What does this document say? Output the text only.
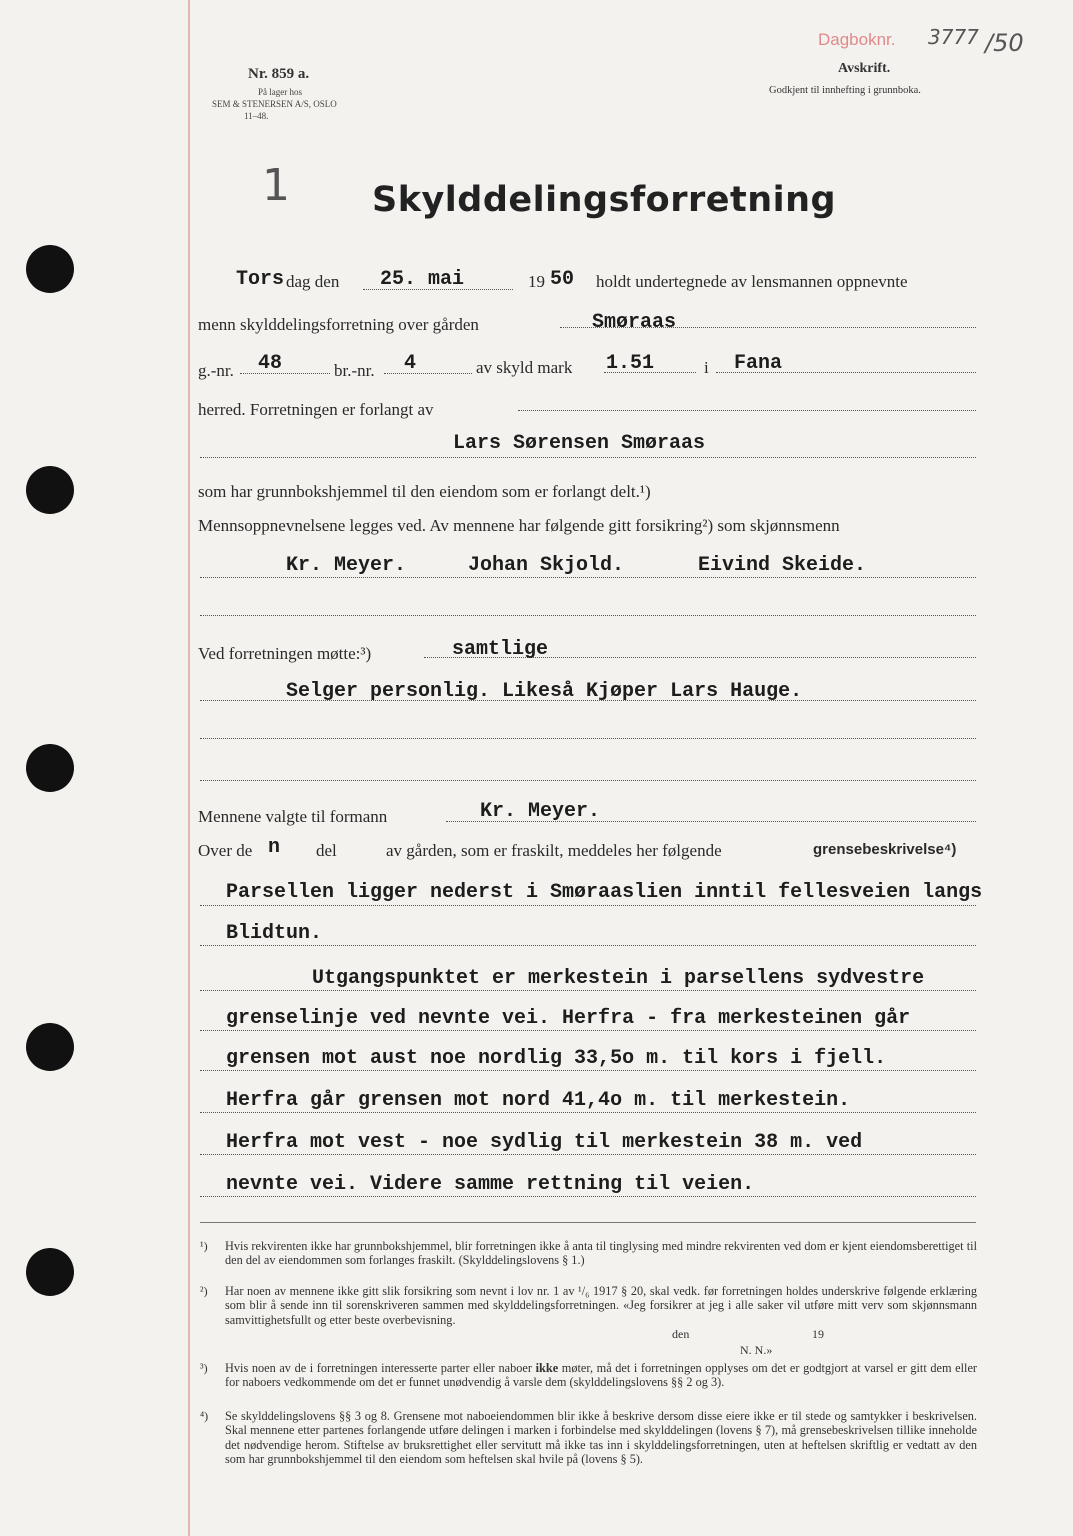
Nr. 859 a.
På lager hos
SEM & STENERSEN A/S, OSLO
11–48.
Avskrift.
Godkjent til innhefting i grunnboka.
Dagboknr. 3777 /50
1 Skylddelingsforretning
Tors dag den 25. mai	19 50 holdt undertegnede av lensmannen oppnevnte
menn skylddelingsforretning over gården	Smøraas
g.-nr. 48	br.-nr. 4	av skyld mark 1.51	i Fana
herred. Forretningen er forlangt av
Lars Sørensen Smøraas
som har grunnbokshjemmel til den eiendom som er forlangt delt.¹)
Mennsoppnevnelsene legges ved. Av mennene har følgende gitt forsikring²) som skjønnsmenn
Kr. Meyer.	Johan Skjold.	Eivind Skeide.
Ved forretningen møtte:³)	samtlige
Selger personlig. Likeså Kjøper Lars Hauge.
Mennene valgte til formann	Kr. Meyer.
Over de n del	av gården, som er fraskilt, meddeles her følgende	grensebeskrivelse⁴)
Parsellen ligger nederst i Smøraaslien inntil fellesveien langs
Blidtun.
Utgangspunktet er merkestein i parsellens sydvestre
grenselinje ved nevnte vei. Herfra - fra merkesteinen går
grensen mot aust noe nordlig 33,5o m. til kors i fjell.
Herfra går grensen mot nord 41,4o m. til merkestein.
Herfra mot vest - noe sydlig til merkestein 38 m. ved
nevnte vei. Videre samme rettning til veien.
¹) Hvis rekvirenten ikke har grunnbokshjemmel, blir forretningen ikke å anta til tinglysing med mindre rekvirenten ved dom er kjent eiendomsberettiget til den del av eiendommen som forlanges fraskilt. (Skylddelingslovens § 1.)

²) Har noen av mennene ikke gitt slik forsikring som nevnt i lov nr. 1 av ¹/₆ 1917 § 20, skal vedk. før forretningen holdes underskrive følgende erklæring som blir å sende inn til sorenskriveren sammen med skylddelingsforretningen. «Jeg forsikrer at jeg i alle saker vil utføre mitt verv som skjønnsmann samvittighetsfullt og etter beste overbevisning.

den	19
N. N.»
³) Hvis noen av de i forretningen interesserte parter eller naboer ikke møter, må det i forretningen opplyses om det er godtgjort at varsel er gitt dem eller for naboers vedkommende om det er funnet unødvendig å varsle dem (skylddelingslovens §§ 2 og 3).

⁴) Se skylddelingslovens §§ 3 og 8. Grensene mot naboeiendommen blir ikke å beskrive dersom disse eiere ikke er til stede og samtykker i beskrivelsen. Skal mennene etter partenes forlangende utføre delingen i marken i forbindelse med skylddelingen (lovens § 7), må grensebeskrivelsen tillike inneholde det nødvendige herom. Stiftelse av bruksrettighet eller servitutt må ikke tas inn i skylddelingsforretningen, uten at heftelsen skriftlig er vedtatt av den som har grunnbokshjemmel til den eiendom som heftelsen skal hvile på (lovens § 5).
